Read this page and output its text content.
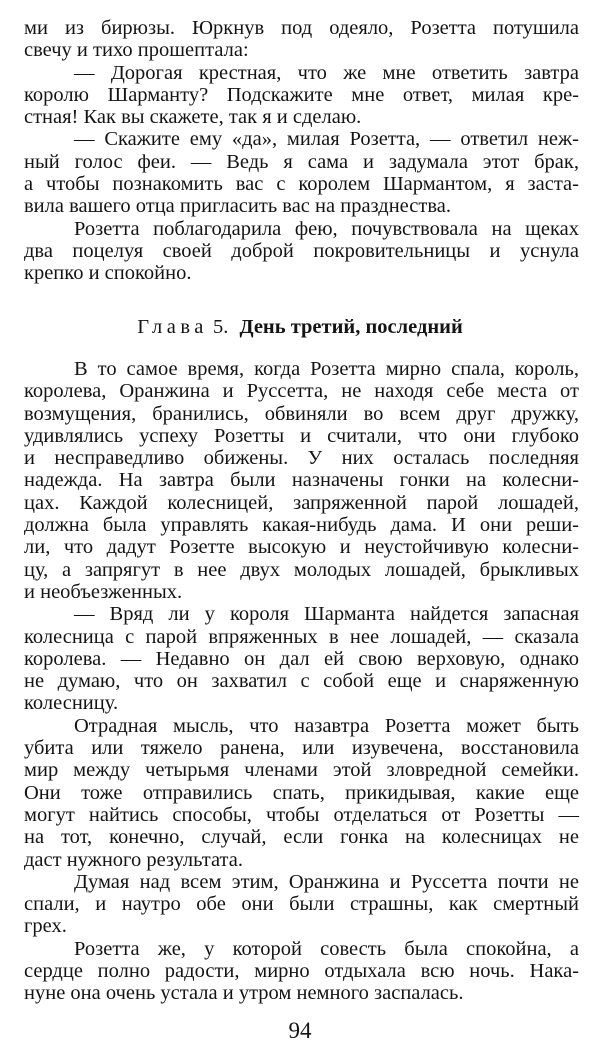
ми из бирюзы. Юркнув под одеяло, Розетта потушила
свечу и тихо прошептала:
— Дорогая крестная, что же мне ответить завтра
королю Шарманту? Подскажите мне ответ, милая кре-
стная! Как вы скажете, так я и сделаю.
— Скажите ему «да», милая Розетта, — ответил неж-
ный голос феи. — Ведь я сама и задумала этот брак,
а чтобы познакомить вас с королем Шармантом, я заста-
вила вашего отца пригласить вас на празднества.
Розетта поблагодарила фею, почувствовала на щеках
два поцелуя своей доброй покровительницы и уснула
крепко и спокойно.
Глава 5. День третий, последний
В то самое время, когда Розетта мирно спала, король,
королева, Оранжина и Руссетта, не находя себе места от
возмущения, бранились, обвиняли во всем друг дружку,
удивлялись успеху Розетты и считали, что они глубоко
и несправедливо обижены. У них осталась последняя
надежда. На завтра были назначены гонки на колесни-
цах. Каждой колесницей, запряженной парой лошадей,
должна была управлять какая-нибудь дама. И они реши-
ли, что дадут Розетте высокую и неустойчивую колесни-
цу, а запрягут в нее двух молодых лошадей, брыкливых
и необъезженных.
— Вряд ли у короля Шарманта найдется запасная
колесница с парой впряженных в нее лошадей, — сказала
королева. — Недавно он дал ей свою верховую, однако
не думаю, что он захватил с собой еще и снаряженную
колесницу.
Отрадная мысль, что назавтра Розетта может быть
убита или тяжело ранена, или изувечена, восстановила
мир между четырьмя членами этой зловредной семейки.
Они тоже отправились спать, прикидывая, какие еще
могут найтись способы, чтобы отделаться от Розетты —
на тот, конечно, случай, если гонка на колесницах не
даст нужного результата.
Думая над всем этим, Оранжина и Руссетта почти не
спали, и наутро обе они были страшны, как смертный
грех.
Розетта же, у которой совесть была спокойна, а
сердце полно радости, мирно отдыхала всю ночь. Нака-
нуне она очень устала и утром немного заспалась.
94
